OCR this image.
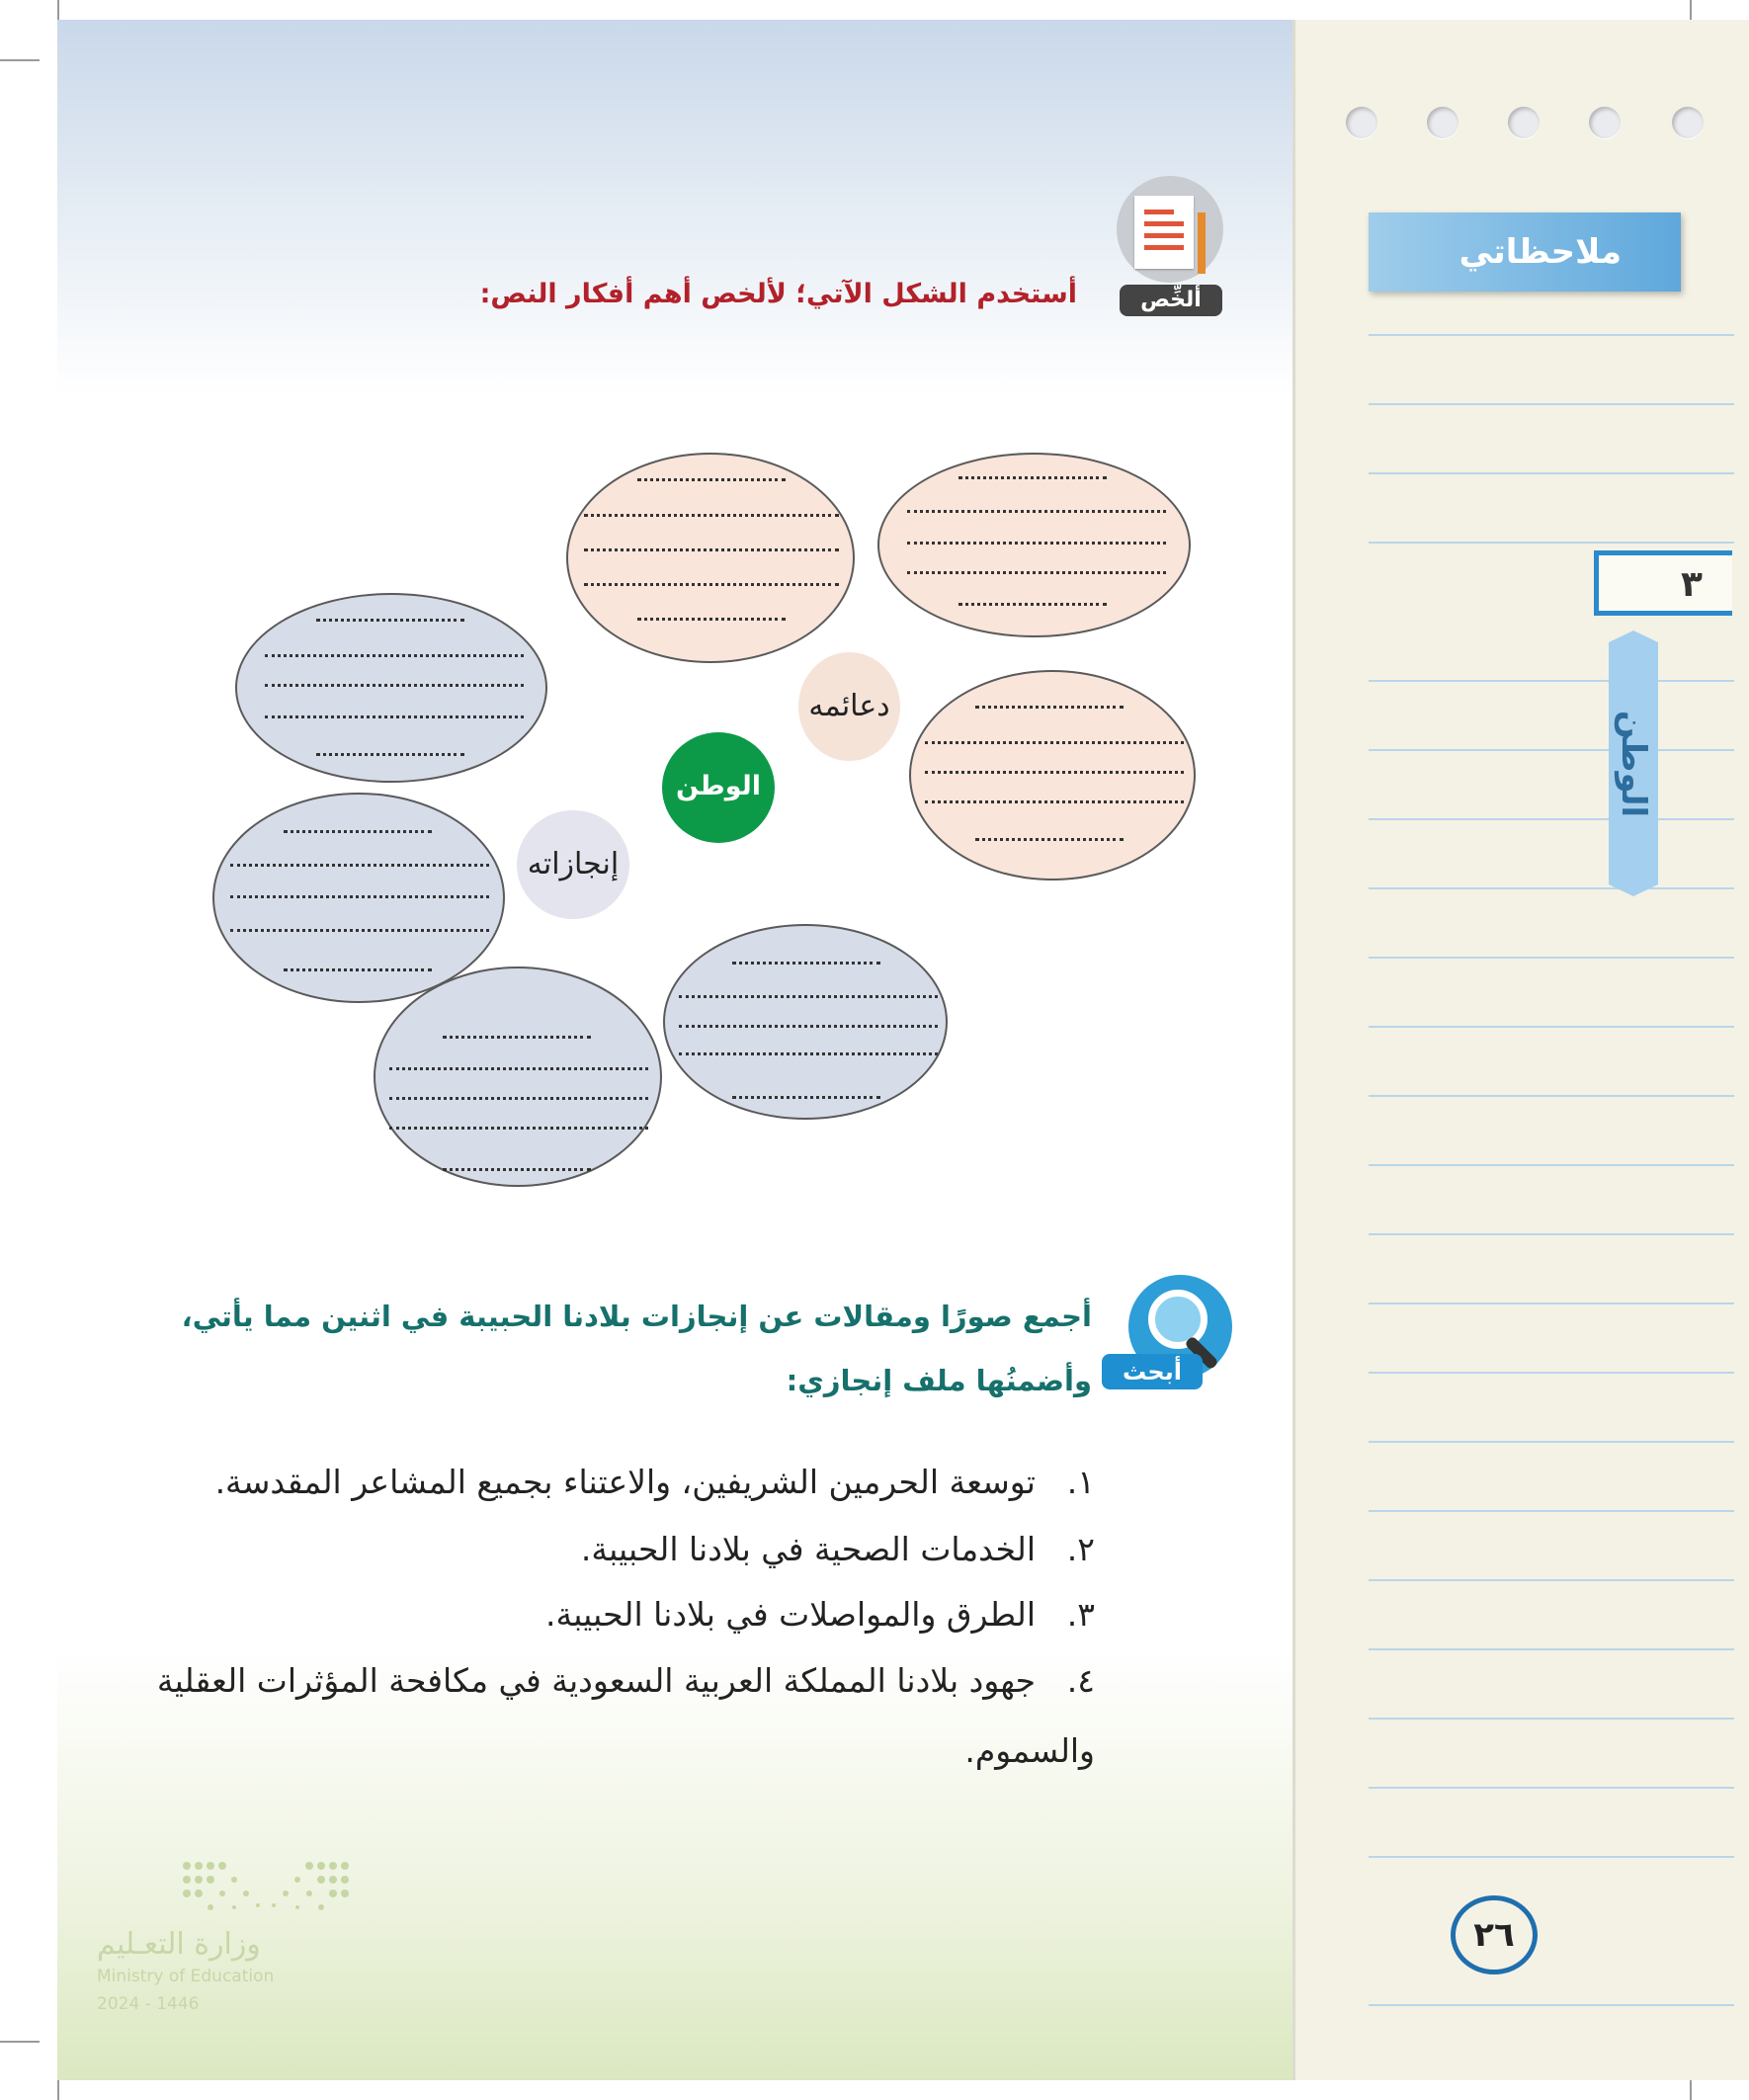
ملاحظاتي
٣
الوطن
٢٦
ألخِّص
أستخدم الشكل الآتي؛ لألخص أهم أفكار النص:
دعائمه
الوطن
إنجازاته
أبحث
أجمع صورًا ومقالات عن إنجازات بلادنا الحبيبة في اثنين مما يأتي،
وأضمنُها ملف إنجازي:
١.توسعة الحرمين الشريفين، والاعتناء بجميع المشاعر المقدسة.
٢.الخدمات الصحية في بلادنا الحبيبة.
٣.الطرق والمواصلات في بلادنا الحبيبة.
٤.جهود بلادنا المملكة العربية السعودية في مكافحة المؤثرات العقلية
والسموم.
وزارة التعـليم
Ministry of Education
2024 - 1446
